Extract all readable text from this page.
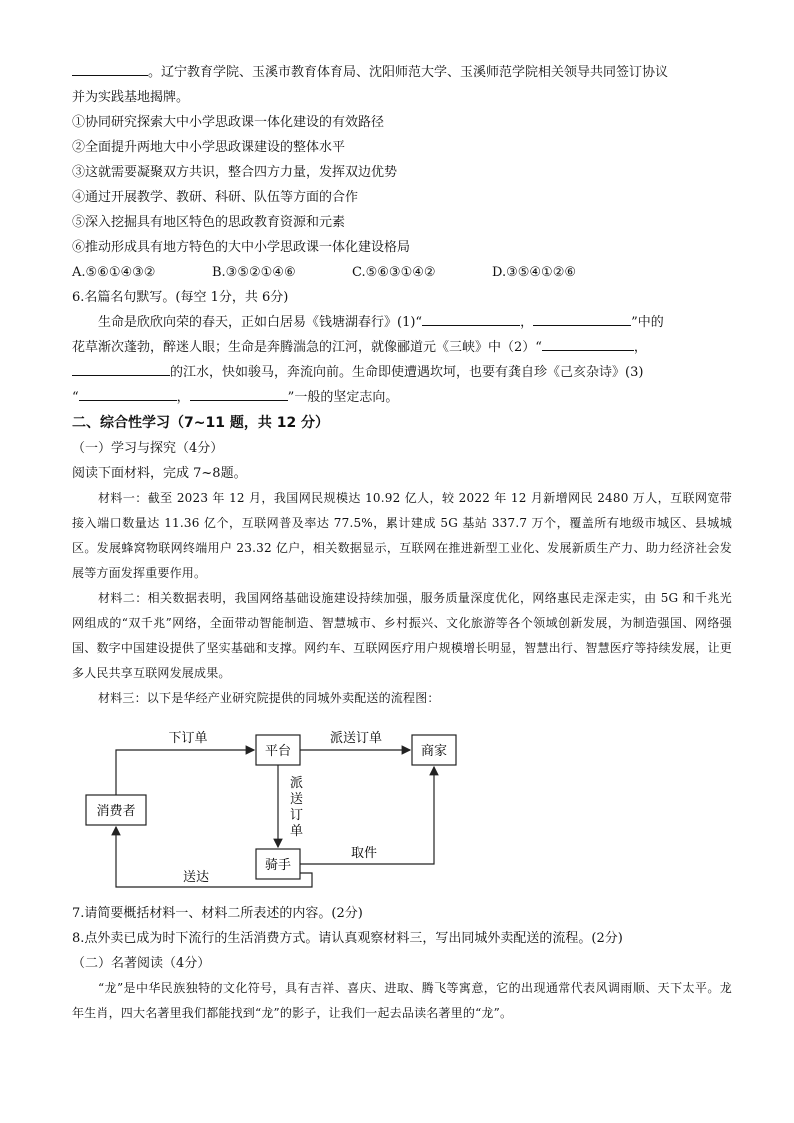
。辽宁教育学院、玉溪市教育体育局、沈阳师范大学、玉溪师范学院相关领导共同签订协议
并为实践基地揭牌。
①协同研究探索大中小学思政课一体化建设的有效路径
②全面提升两地大中小学思政课建设的整体水平
③这就需要凝聚双方共识，整合四方力量，发挥双边优势
④通过开展教学、教研、科研、队伍等方面的合作
⑤深入挖掘具有地区特色的思政教育资源和元素
⑥推动形成具有地方特色的大中小学思政课一体化建设格局
A.⑤⑥①④③②	B.③⑤②①④⑥	C.⑤⑥③①④②	D.③⑤④①②⑥
6.名篇名句默写。(每空 1分，共 6分)
生命是欣欣向荣的春天，正如白居易《钱塘湖春行》(1)“	，	”中的
花草渐次蓬勃，醉迷人眼；生命是奔腾湍急的江河，就像郦道元《三峡》中（2）“	，
的江水，快如骏马，奔流向前。生命即使遭遇坎坷，也要有龚自珍《己亥杂诗》(3)
“	，	”一般的坚定志向。
二、综合性学习（7~11 题，共 12 分）
（一）学习与探究（4分）
阅读下面材料，完成 7~8题。
材料一：截至 2023 年 12 月，我国网民规模达 10.92 亿人，较 2022 年 12 月新增网民 2480 万人，互联网宽带接入端口数量达 11.36 亿个，互联网普及率达 77.5%，累计建成 5G 基站 337.7 万个，覆盖所有地级市城区、县城城区。发展蜂窝物联网终端用户 23.32 亿户，相关数据显示，互联网在推进新型工业化、发展新质生产力、助力经济社会发展等方面发挥重要作用。
材料二：相关数据表明，我国网络基础设施建设持续加强，服务质量深度优化，网络惠民走深走实，由 5G 和千兆光网组成的“双千兆”网络，全面带动智能制造、智慧城市、乡村振兴、文化旅游等各个领域创新发展，为制造强国、网络强国、数字中国建设提供了坚实基础和支撑。网约车、互联网医疗用户规模增长明显，智慧出行、智慧医疗等持续发展，让更多人民共享互联网发展成果。
材料三：以下是华经产业研究院提供的同城外卖配送的流程图：
消费者
平台	商家
骑手
下订单	派送订单
派
送
订
单
取件
送达
7.请简要概括材料一、材料二所表述的内容。(2分)
8.点外卖已成为时下流行的生活消费方式。请认真观察材料三，写出同城外卖配送的流程。(2分)
（二）名著阅读（4分）
“龙”是中华民族独特的文化符号，具有吉祥、喜庆、进取、腾飞等寓意，它的出现通常代表风调雨顺、天下太平。龙年生肖，四大名著里我们都能找到“龙”的影子，让我们一起去品读名著里的“龙”。
